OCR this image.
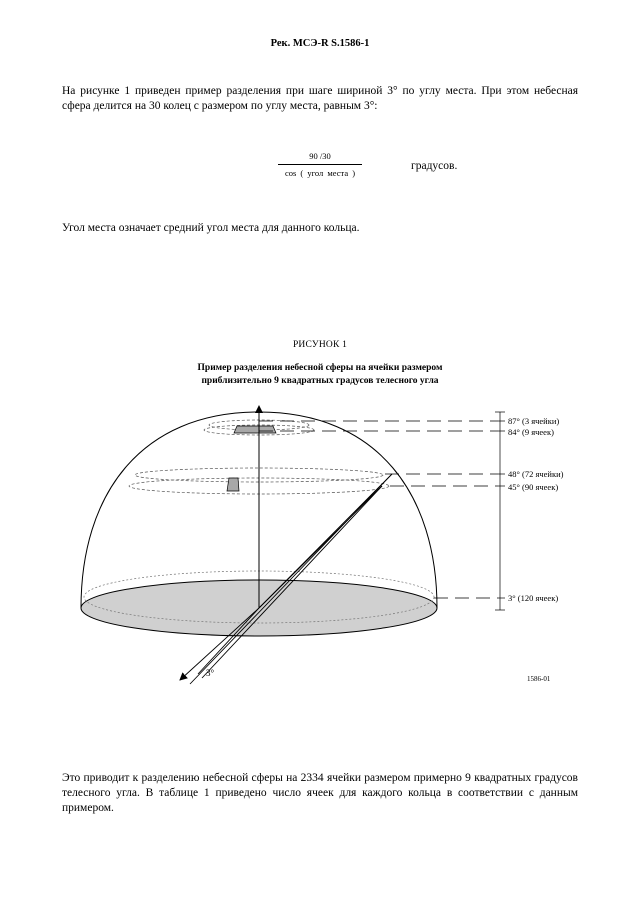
Рек. МСЭ-R S.1586-1
На рисунке 1 приведен пример разделения при шаге шириной 3° по углу места. При этом небесная сфера делится на 30 колец с размером по углу места, равным 3°:
90 /30
cos ( угол места )
градусов.
Угол места означает средний угол места для данного кольца.
РИСУНОК 1
Пример разделения небесной сферы на ячейки размером
приблизительно 9 квадратных градусов телесного угла
87° (3 ячейки)
84° (9 ячеек)
48° (72 ячейки)
45° (90 ячеек)
3° (120 ячеек)
3°
1586-01
Это приводит к разделению небесной сферы на 2334 ячейки размером примерно 9 квадратных градусов телесного угла. В таблице 1 приведено число ячеек для каждого кольца в соответствии с данным примером.
